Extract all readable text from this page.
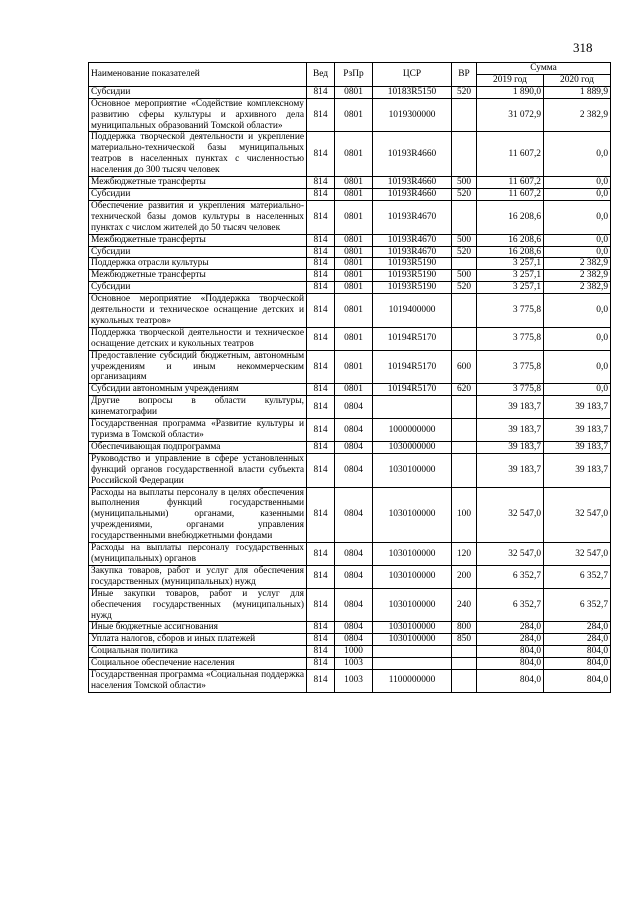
318
Наименование показателей	Вед	РзПр	ЦСР	ВР	Сумма	
					2019 год	2020 год
Субсидии	814	0801	10183R5150	520	1 890,0	1 889,9
Основное мероприятие «Содействие комплексному развитию сферы культуры и архивного дела муниципальных образований Томской области»	814	0801	1019300000		31 072,9	2 382,9
Поддержка творческой деятельности и укрепление материально-технической базы муниципальных театров в населенных пунктах с численностью населения до 300 тысяч человек	814	0801	10193R4660		11 607,2	0,0
Межбюджетные трансферты	814	0801	10193R4660	500	11 607,2	0,0
Субсидии	814	0801	10193R4660	520	11 607,2	0,0
Обеспечение развития и укрепления материально-технической базы домов культуры в населенных пунктах с числом жителей до 50 тысяч человек	814	0801	10193R4670		16 208,6	0,0
Межбюджетные трансферты	814	0801	10193R4670	500	16 208,6	0,0
Субсидии	814	0801	10193R4670	520	16 208,6	0,0
Поддержка отрасли культуры	814	0801	10193R5190		3 257,1	2 382,9
Межбюджетные трансферты	814	0801	10193R5190	500	3 257,1	2 382,9
Субсидии	814	0801	10193R5190	520	3 257,1	2 382,9
Основное мероприятие «Поддержка творческой деятельности и техническое оснащение детских и кукольных театров»	814	0801	1019400000		3 775,8	0,0
Поддержка творческой деятельности и техническое оснащение детских и кукольных театров	814	0801	10194R5170		3 775,8	0,0
Предоставление субсидий бюджетным, автономным учреждениям и иным некоммерческим организациям	814	0801	10194R5170	600	3 775,8	0,0
Субсидии автономным учреждениям	814	0801	10194R5170	620	3 775,8	0,0
Другие вопросы в области культуры, кинематографии	814	0804			39 183,7	39 183,7
Государственная программа «Развитие культуры и туризма в Томской области»	814	0804	1000000000		39 183,7	39 183,7
Обеспечивающая подпрограмма	814	0804	1030000000		39 183,7	39 183,7
Руководство и управление в сфере установленных функций органов государственной власти субъекта Российской Федерации	814	0804	1030100000		39 183,7	39 183,7
Расходы на выплаты персоналу в целях обеспечения выполнения функций государственными (муниципальными) органами, казенными учреждениями, органами управления государственными внебюджетными фондами	814	0804	1030100000	100	32 547,0	32 547,0
Расходы на выплаты персоналу государственных (муниципальных) органов	814	0804	1030100000	120	32 547,0	32 547,0
Закупка товаров, работ и услуг для обеспечения государственных (муниципальных) нужд	814	0804	1030100000	200	6 352,7	6 352,7
Иные закупки товаров, работ и услуг для обеспечения государственных (муниципальных) нужд	814	0804	1030100000	240	6 352,7	6 352,7
Иные бюджетные ассигнования	814	0804	1030100000	800	284,0	284,0
Уплата налогов, сборов и иных платежей	814	0804	1030100000	850	284,0	284,0
Социальная политика	814	1000			804,0	804,0
Социальное обеспечение населения	814	1003			804,0	804,0
Государственная программа «Социальная поддержка населения Томской области»	814	1003	1100000000		804,0	804,0
